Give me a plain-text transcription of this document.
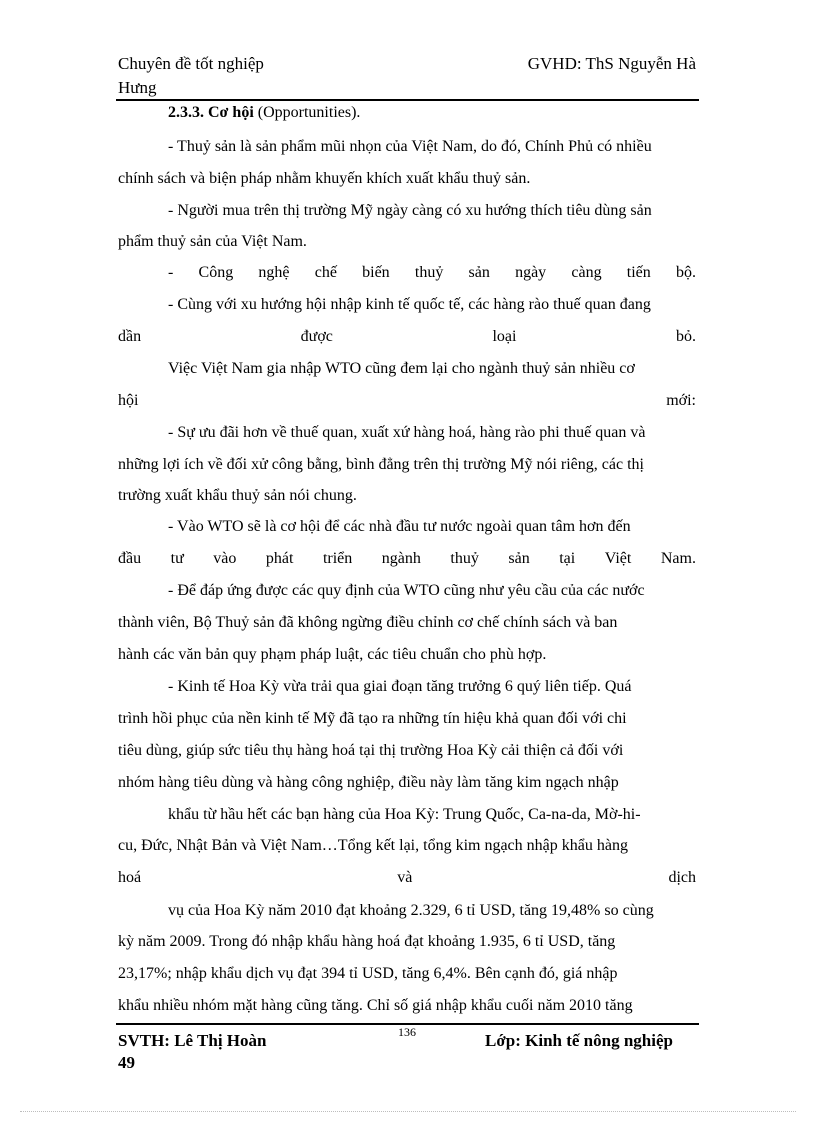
Chuyên đề tốt nghiệp
Hưng
GVHD: ThS Nguyễn Hà
2.3.3. Cơ hội (Opportunities).
- Thuỷ sản là sản phẩm mũi nhọn của Việt Nam, do đó, Chính Phủ có nhiều
chính sách và biện pháp nhằm khuyến khích xuất khẩu thuỷ sản.
- Người mua trên thị trường Mỹ ngày càng có xu hướng thích tiêu dùng sản
phẩm thuỷ sản của Việt Nam.
- Công nghệ chế biến thuỷ sản ngày càng tiến bộ.
- Cùng với xu hướng hội nhập kinh tế quốc tế, các hàng rào thuế quan đang
dần	được	loại	bỏ.
Việc Việt Nam gia nhập WTO cũng đem lại cho ngành thuỷ sản nhiều cơ
hội	mới:
- Sự ưu đãi hơn về thuế quan, xuất xứ hàng hoá, hàng rào phi thuế quan và
những lợi ích về đối xử công bằng, bình đẳng trên thị trường Mỹ nói riêng, các thị
trường xuất khẩu thuỷ sản nói chung.
- Vào WTO sẽ là cơ hội để các nhà đầu tư nước ngoài quan tâm hơn đến
đầu tư vào phát triển ngành thuỷ sản tại Việt Nam.
- Để đáp ứng được các quy định của WTO cũng như yêu cầu của các nước
thành viên, Bộ Thuỷ sản đã không ngừng điều chỉnh cơ chế chính sách và ban
hành các văn bản quy phạm pháp luật, các tiêu chuẩn cho phù hợp.
- Kinh tế Hoa Kỳ vừa trải qua giai đoạn tăng trưởng 6 quý liên tiếp. Quá
trình hồi phục của nền kinh tế Mỹ đã tạo ra những tín hiệu khả quan đối với chi
tiêu dùng, giúp sức tiêu thụ hàng hoá tại thị trường Hoa Kỳ cải thiện cả đối với
nhóm hàng tiêu dùng và hàng công nghiệp, điều này làm tăng kim ngạch nhập
khẩu từ hầu hết các bạn hàng của Hoa Kỳ: Trung Quốc, Ca-na-da, Mờ-hi-
cu, Đức, Nhật Bản và Việt Nam…Tổng kết lại, tổng kim ngạch nhập khẩu hàng
hoá	và	dịch
vụ của Hoa Kỳ năm 2010 đạt khoảng 2.329, 6 tỉ USD, tăng 19,48% so cùng
kỳ năm 2009. Trong đó nhập khẩu hàng hoá đạt khoảng 1.935, 6 tỉ USD, tăng
23,17%; nhập khẩu dịch vụ đạt 394 tỉ USD, tăng 6,4%. Bên cạnh đó, giá nhập
khẩu nhiều nhóm mặt hàng cũng tăng. Chỉ số giá nhập khẩu cuối năm 2010 tăng
136
SVTH: Lê Thị Hoàn
49
Lớp: Kinh tế nông nghiệp
